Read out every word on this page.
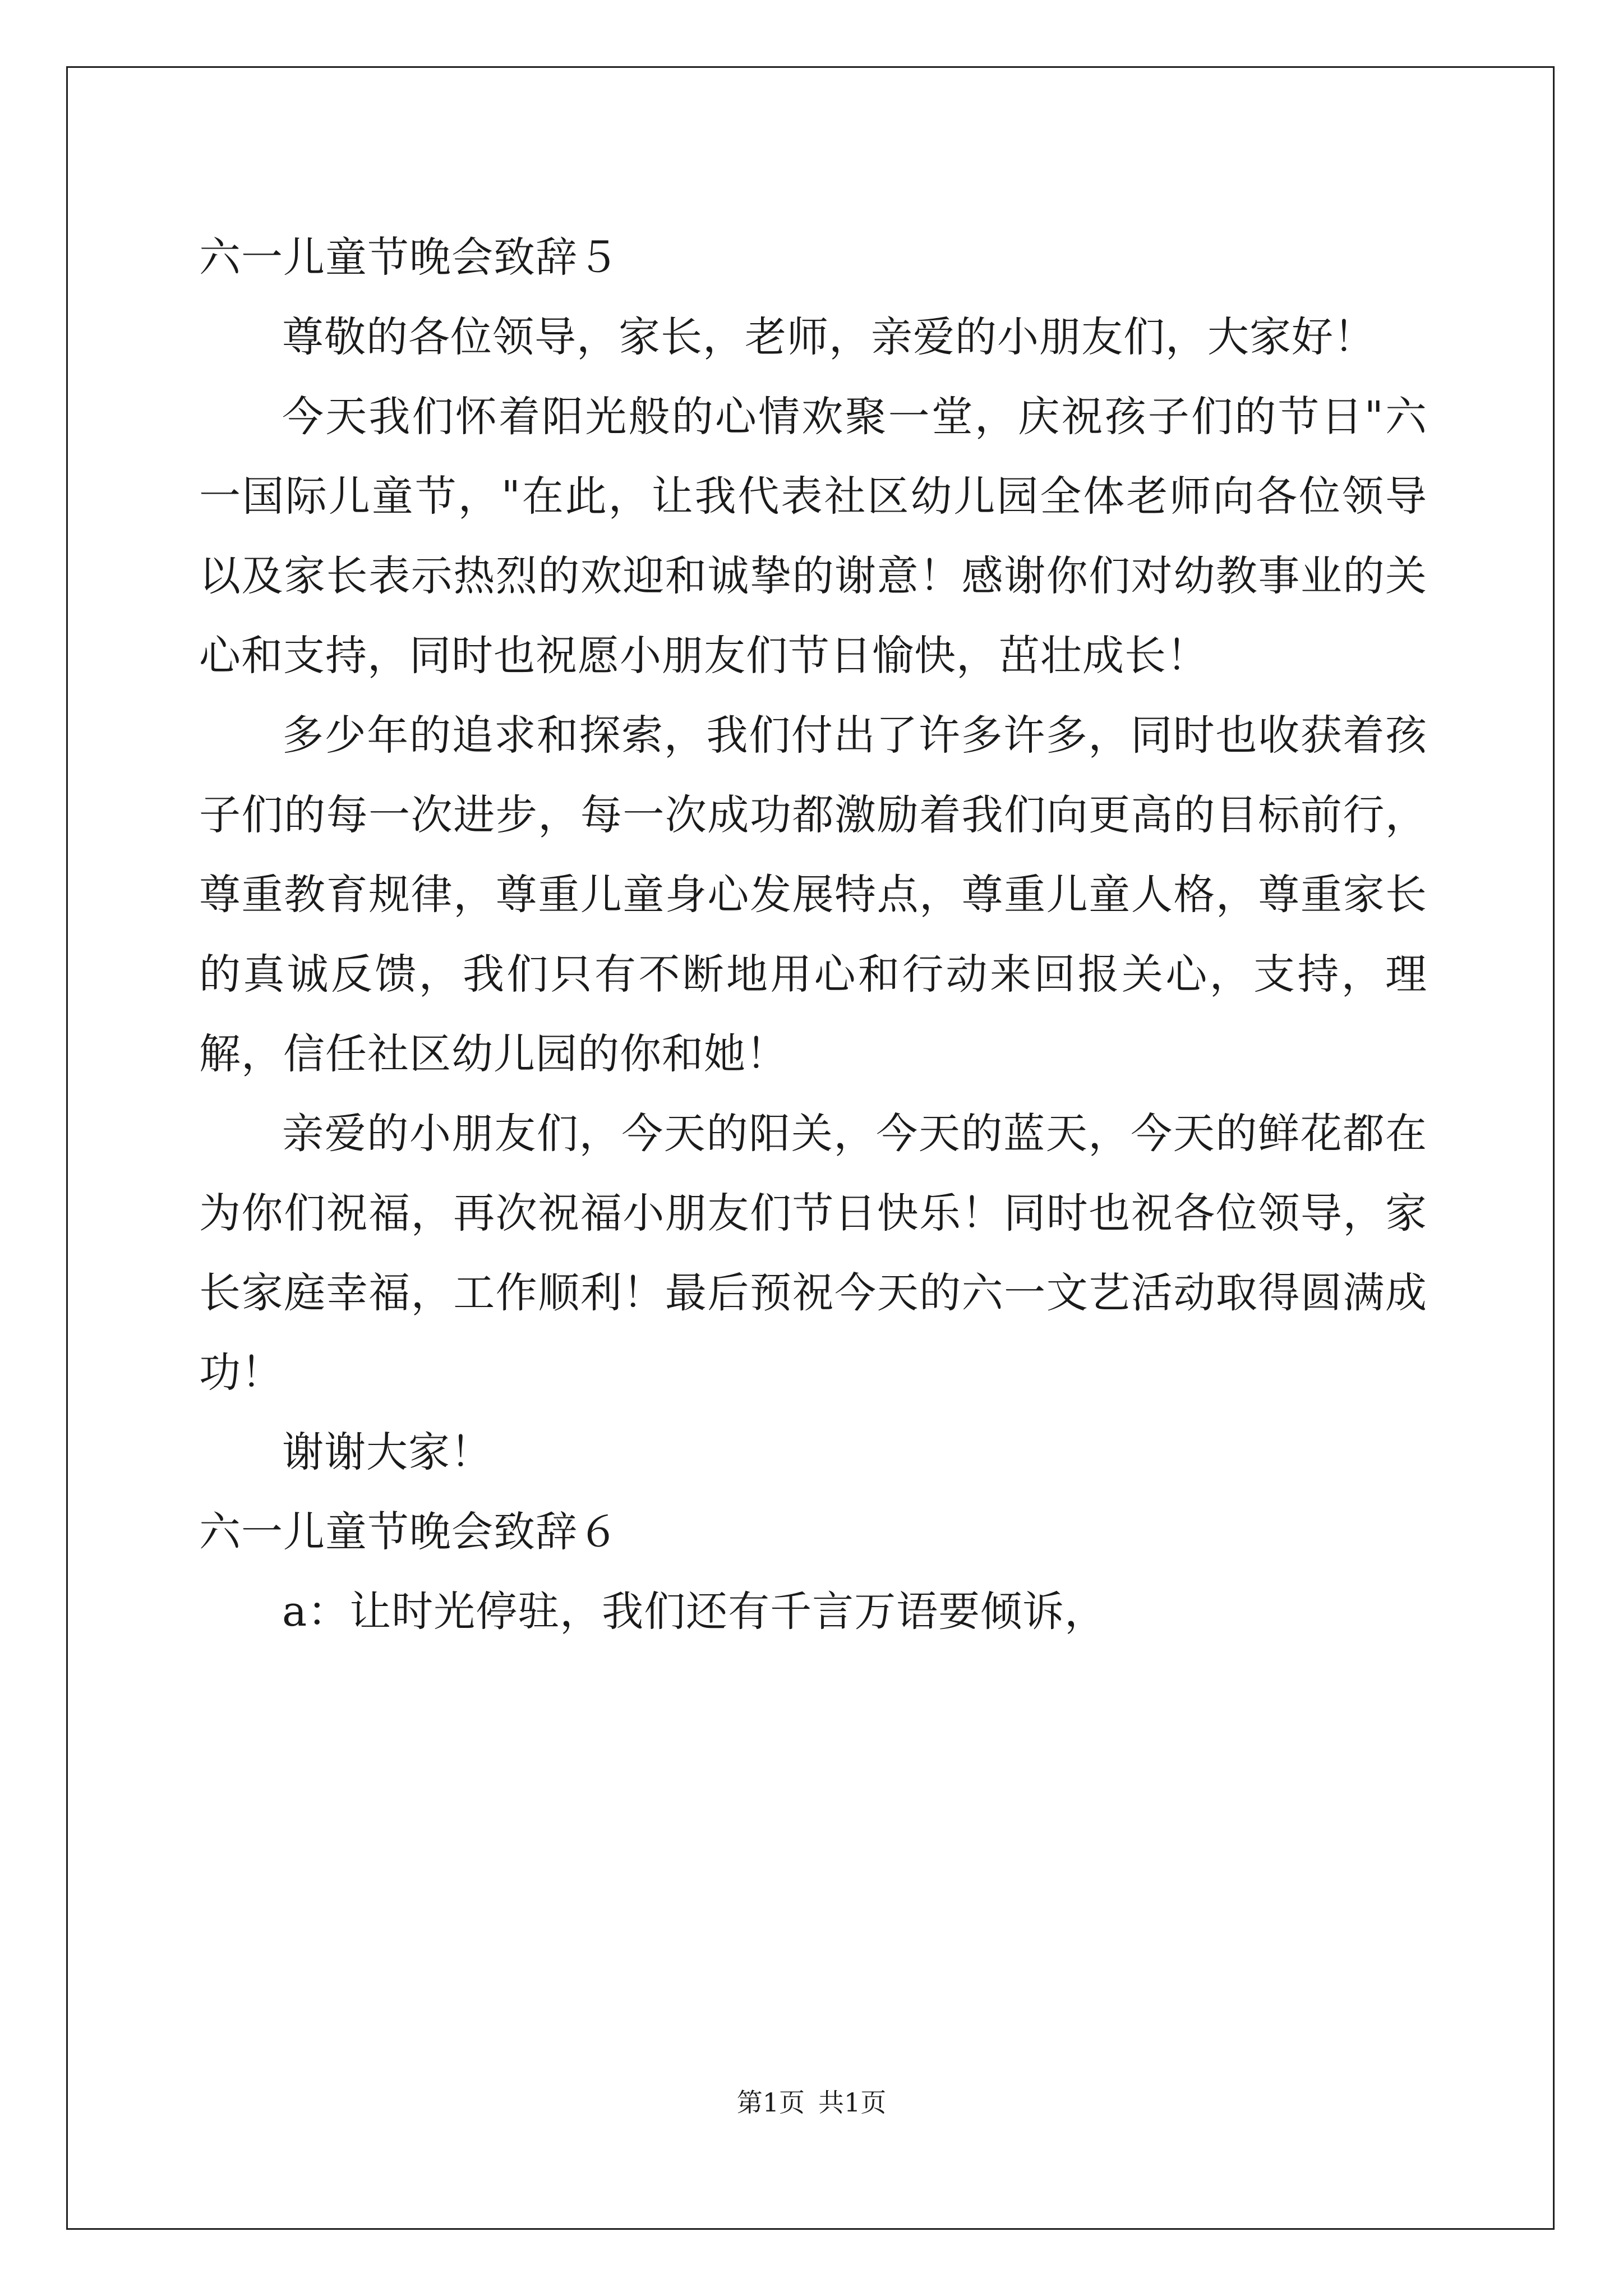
六一儿童节晚会致辞５

尊敬的各位领导，家长，老师，亲爱的小朋友们，大家好！

今天我们怀着阳光般的心情欢聚一堂，庆祝孩子们的节日"六一国际儿童节，"在此，让我代表社区幼儿园全体老师向各位领导以及家长表示热烈的欢迎和诚挚的谢意！感谢你们对幼教事业的关心和支持，同时也祝愿小朋友们节日愉快，茁壮成长！

多少年的追求和探索，我们付出了许多许多，同时也收获着孩子们的每一次进步，每一次成功都激励着我们向更高的目标前行，尊重教育规律，尊重儿童身心发展特点，尊重儿童人格，尊重家长的真诚反馈，我们只有不断地用心和行动来回报关心，支持，理解，信任社区幼儿园的你和她！

亲爱的小朋友们，今天的阳关，今天的蓝天，今天的鲜花都在为你们祝福，再次祝福小朋友们节日快乐！同时也祝各位领导，家长家庭幸福，工作顺利！最后预祝今天的六一文艺活动取得圆满成功！

谢谢大家！

六一儿童节晚会致辞６

a：让时光停驻，我们还有千言万语要倾诉，

第1页 共1页
